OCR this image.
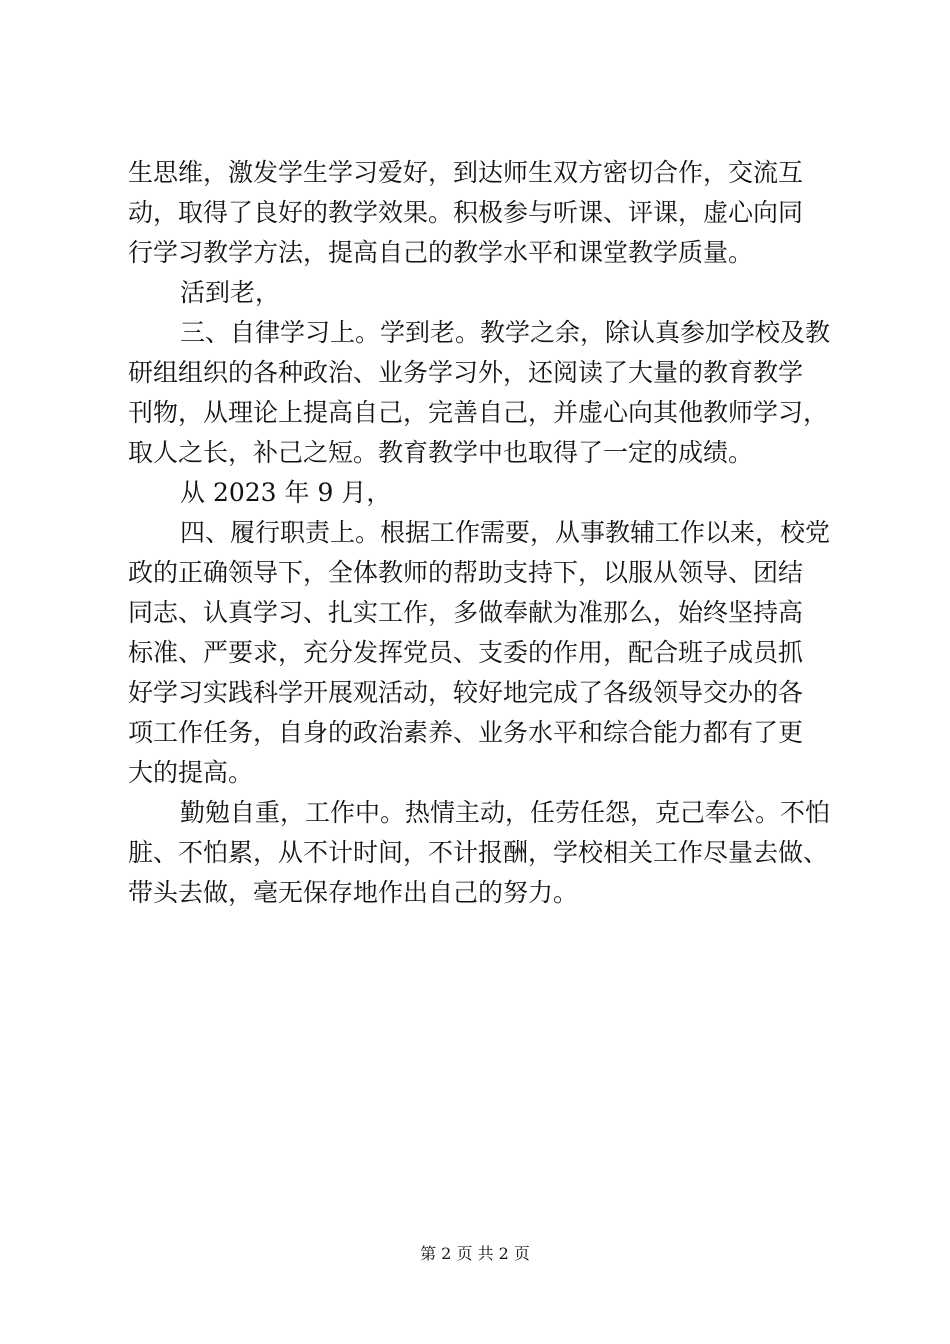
生思维，激发学生学习爱好，到达师生双方密切合作，交流互
动，取得了良好的教学效果。积极参与听课、评课，虚心向同
行学习教学方法，提高自己的教学水平和课堂教学质量。
活到老，
三、自律学习上。学到老。教学之余，除认真参加学校及教
研组组织的各种政治、业务学习外，还阅读了大量的教育教学
刊物，从理论上提高自己，完善自己，并虚心向其他教师学习，
取人之长，补己之短。教育教学中也取得了一定的成绩。
从 2023 年 9 月，
四、履行职责上。根据工作需要，从事教辅工作以来，校党
政的正确领导下，全体教师的帮助支持下，以服从领导、团结
同志、认真学习、扎实工作，多做奉献为准那么，始终坚持高
标准、严要求，充分发挥党员、支委的作用，配合班子成员抓
好学习实践科学开展观活动，较好地完成了各级领导交办的各
项工作任务，自身的政治素养、业务水平和综合能力都有了更
大的提高。
勤勉自重，工作中。热情主动，任劳任怨，克己奉公。不怕
脏、不怕累，从不计时间，不计报酬，学校相关工作尽量去做、
带头去做，毫无保存地作出自己的努力。
第 2 页 共 2 页
